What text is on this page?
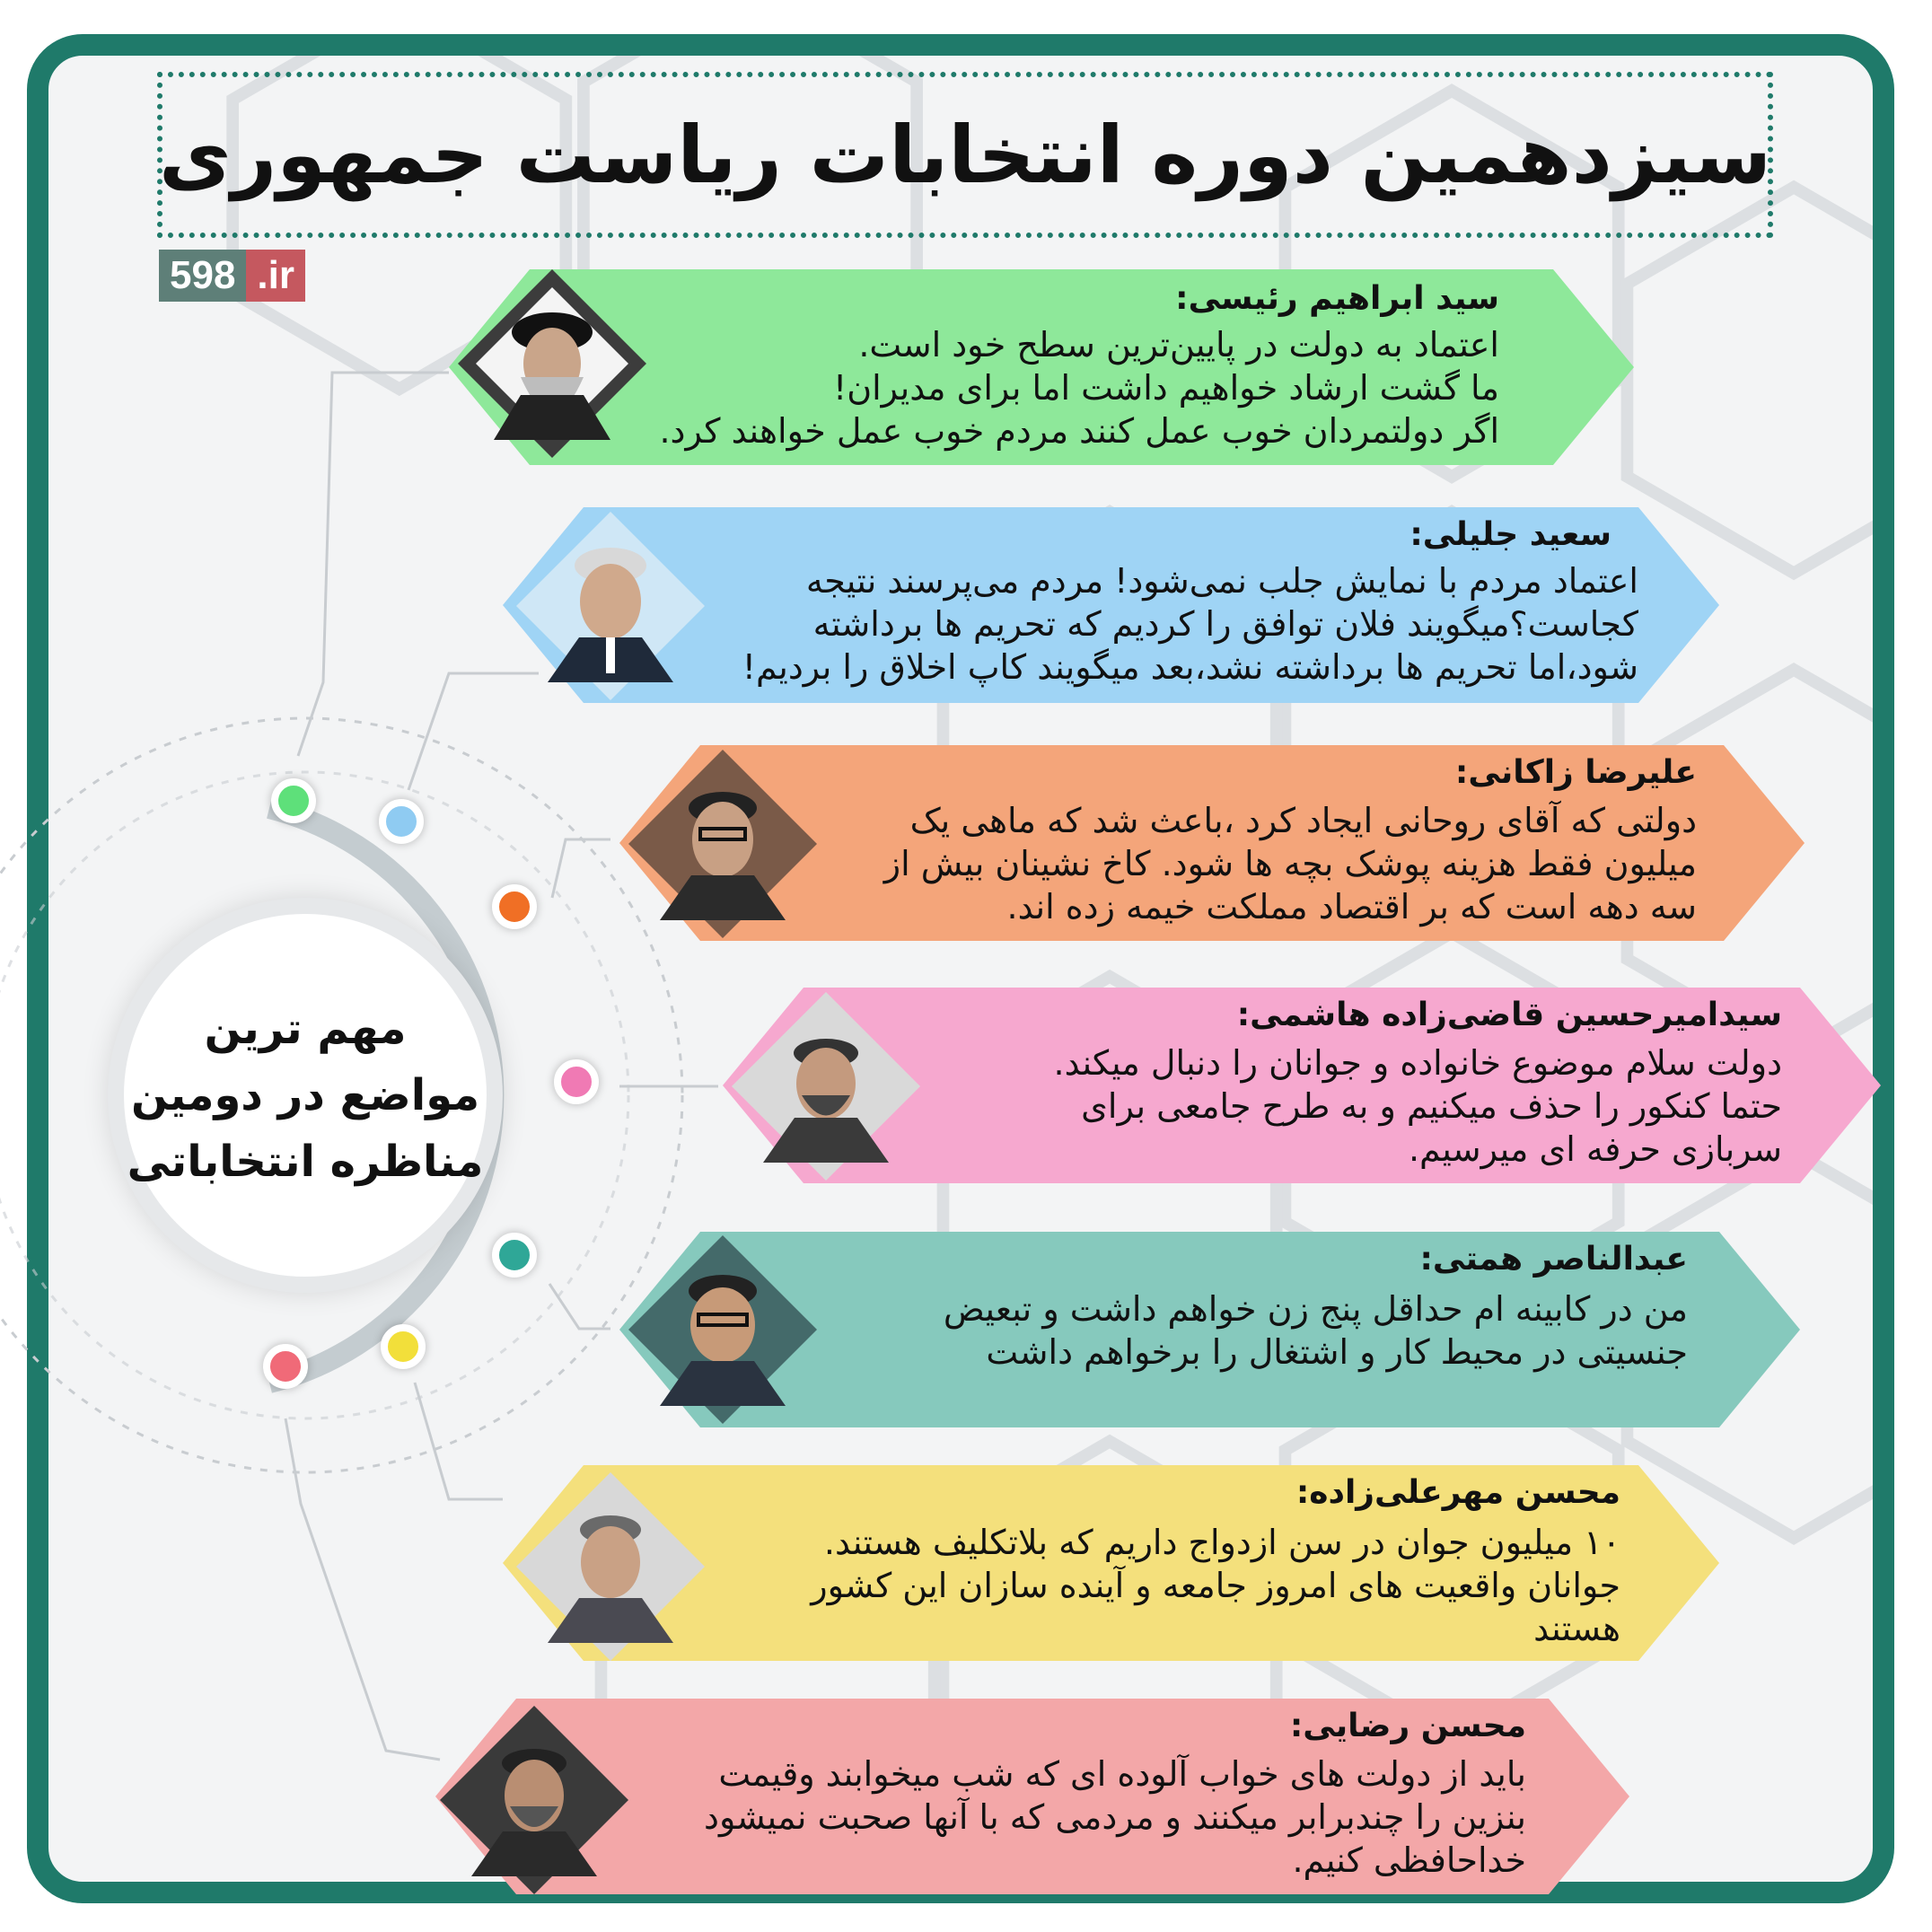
سیزدهمین دوره انتخابات ریاست جمهوری
598 .ir
سید ابراهیم رئیسی:
اعتماد به دولت در پایین‌ترین سطح خود است.
ما گشت ارشاد خواهیم داشت اما برای مدیران!
اگر دولتمردان خوب عمل کنند مردم خوب عمل خواهند کرد.
سعید جلیلی:
اعتماد مردم با نمایش جلب نمی‌شود! مردم می‌پرسند نتیجه
کجاست؟میگویند فلان توافق را کردیم که تحریم ها برداشته
شود،اما تحریم ها برداشته نشد،بعد میگویند کاپ اخلاق را بردیم!
علیرضا زاکانی:
دولتی که آقای روحانی ایجاد کرد ،باعث شد که ماهی یک
میلیون فقط هزینه پوشک بچه ها شود. کاخ نشینان بیش از
سه دهه است که بر اقتصاد مملکت خیمه زده اند.
سیدامیرحسین قاضی‌زاده هاشمی:
دولت سلام موضوع خانواده و جوانان را دنبال میکند.
حتما کنکور را حذف میکنیم و به طرح جامعی برای
سربازی حرفه ای میرسیم.
عبدالناصر همتی:
من در کابینه ام حداقل پنج زن خواهم داشت و تبعیض
جنسیتی در محیط کار و اشتغال را برخواهم داشت
محسن مهرعلی‌زاده:
۱۰ میلیون جوان در سن ازدواج داریم که بلاتکلیف هستند.
جوانان واقعیت های امروز جامعه و آینده سازان این کشور
هستند
محسن رضایی:
باید از دولت های خواب آلوده ای که شب میخوابند وقیمت
بنزین را چندبرابر میکنند و مردمی که با آنها صحبت نمیشود
خداحافظی کنیم.
مهم ترین
مواضع در دومین
مناظره انتخاباتی
